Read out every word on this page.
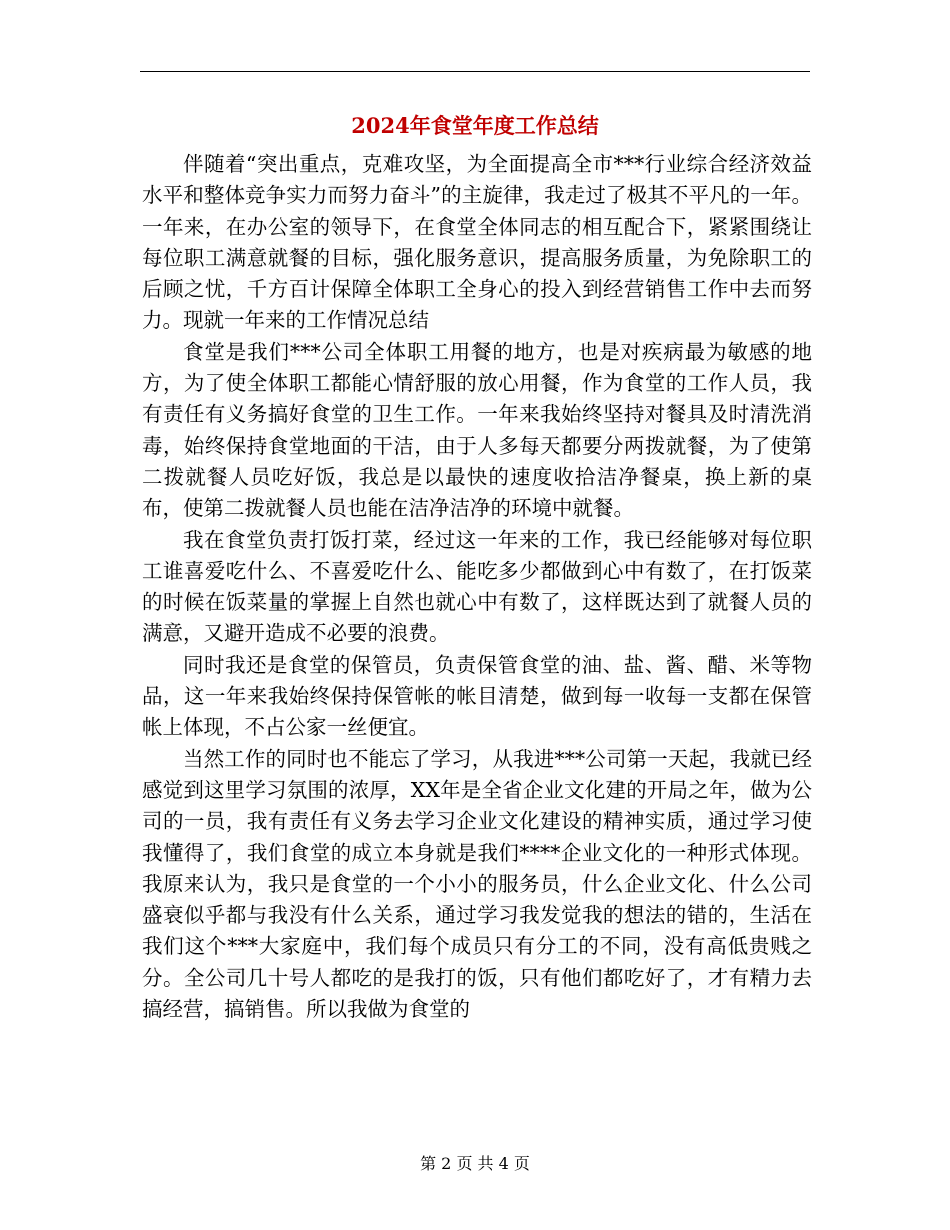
2024年食堂年度工作总结

伴随着“突出重点，克难攻坚，为全面提高全市***行业综合经济效益水平和整体竞争实力而努力奋斗”的主旋律，我走过了极其不平凡的一年。一年来，在办公室的领导下，在食堂全体同志的相互配合下，紧紧围绕让每位职工满意就餐的目标，强化服务意识，提高服务质量，为免除职工的后顾之忧，千方百计保障全体职工全身心的投入到经营销售工作中去而努力。现就一年来的工作情况总结

食堂是我们***公司全体职工用餐的地方，也是对疾病最为敏感的地方，为了使全体职工都能心情舒服的放心用餐，作为食堂的工作人员，我有责任有义务搞好食堂的卫生工作。一年来我始终坚持对餐具及时清洗消毒，始终保持食堂地面的干洁，由于人多每天都要分两拨就餐，为了使第二拨就餐人员吃好饭，我总是以最快的速度收拾洁净餐桌，换上新的桌布，使第二拨就餐人员也能在洁净洁净的环境中就餐。

我在食堂负责打饭打菜，经过这一年来的工作，我已经能够对每位职工谁喜爱吃什么、不喜爱吃什么、能吃多少都做到心中有数了，在打饭菜的时候在饭菜量的掌握上自然也就心中有数了，这样既达到了就餐人员的满意，又避开造成不必要的浪费。

同时我还是食堂的保管员，负责保管食堂的油、盐、酱、醋、米等物品，这一年来我始终保持保管帐的帐目清楚，做到每一收每一支都在保管帐上体现，不占公家一丝便宜。

当然工作的同时也不能忘了学习，从我进***公司第一天起，我就已经感觉到这里学习氛围的浓厚，XX年是全省企业文化建的开局之年，做为公司的一员，我有责任有义务去学习企业文化建设的精神实质，通过学习使我懂得了，我们食堂的成立本身就是我们****企业文化的一种形式体现。我原来认为，我只是食堂的一个小小的服务员，什么企业文化、什么公司盛衰似乎都与我没有什么关系，通过学习我发觉我的想法的错的，生活在我们这个***大家庭中，我们每个成员只有分工的不同，没有高低贵贱之分。全公司几十号人都吃的是我打的饭，只有他们都吃好了，才有精力去搞经营，搞销售。所以我做为食堂的

第 2 页 共 4 页
